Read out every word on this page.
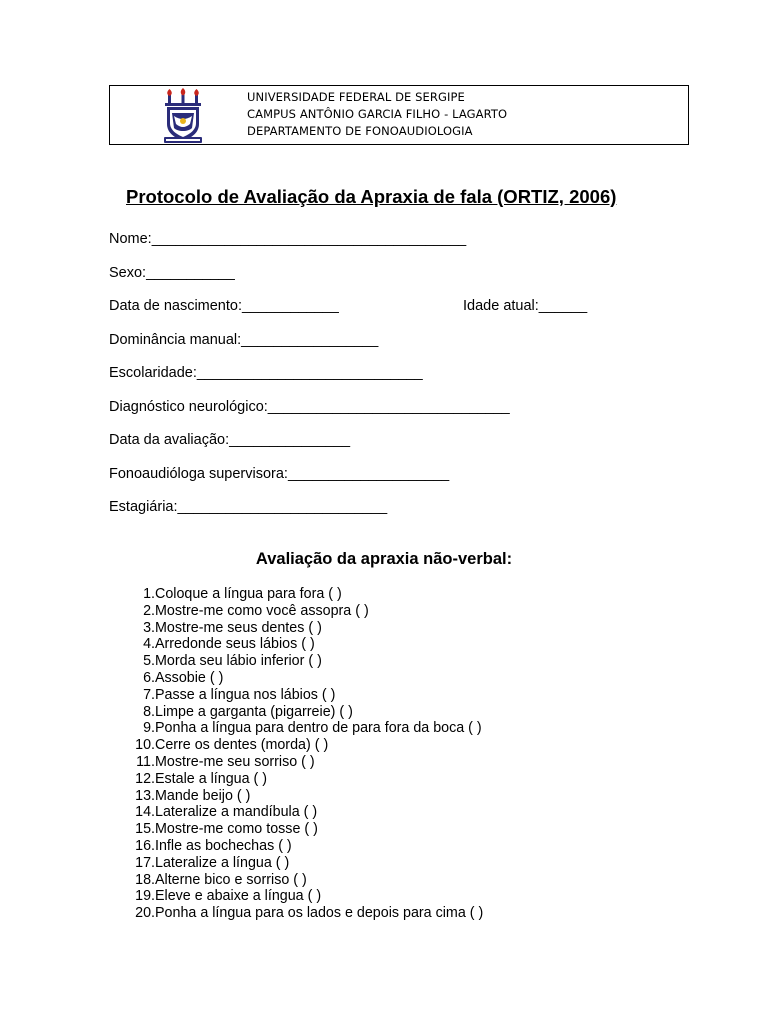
UNIVERSIDADE FEDERAL DE SERGIPE
CAMPUS ANTÔNIO GARCIA FILHO - LAGARTO
DEPARTAMENTO DE FONOAUDIOLOGIA
Protocolo de Avaliação da Apraxia de fala (ORTIZ, 2006)
Nome:_______________________________________
Sexo:___________
Data de nascimento:____________	Idade atual:______
Dominância manual:_________________
Escolaridade:____________________________
Diagnóstico neurológico:______________________________
Data da avaliação:_______________
Fonoaudióloga supervisora:____________________
Estagiária:__________________________
Avaliação da apraxia não-verbal:
1.Coloque a língua para fora ( )
2.Mostre-me como você assopra ( )
3.Mostre-me seus dentes ( )
4.Arredonde seus lábios ( )
5.Morda seu lábio inferior ( )
6.Assobie ( )
7.Passe a língua nos lábios ( )
8.Limpe a garganta (pigarreie) ( )
9.Ponha a língua para dentro de para fora da boca ( )
10.Cerre os dentes (morda) ( )
11.Mostre-me seu sorriso ( )
12.Estale a língua ( )
13.Mande beijo ( )
14.Lateralize a mandíbula ( )
15.Mostre-me como tosse ( )
16.Infle as bochechas ( )
17.Lateralize a língua ( )
18.Alterne bico e sorriso ( )
19.Eleve e abaixe a língua ( )
20.Ponha a língua para os lados e depois para cima ( )
